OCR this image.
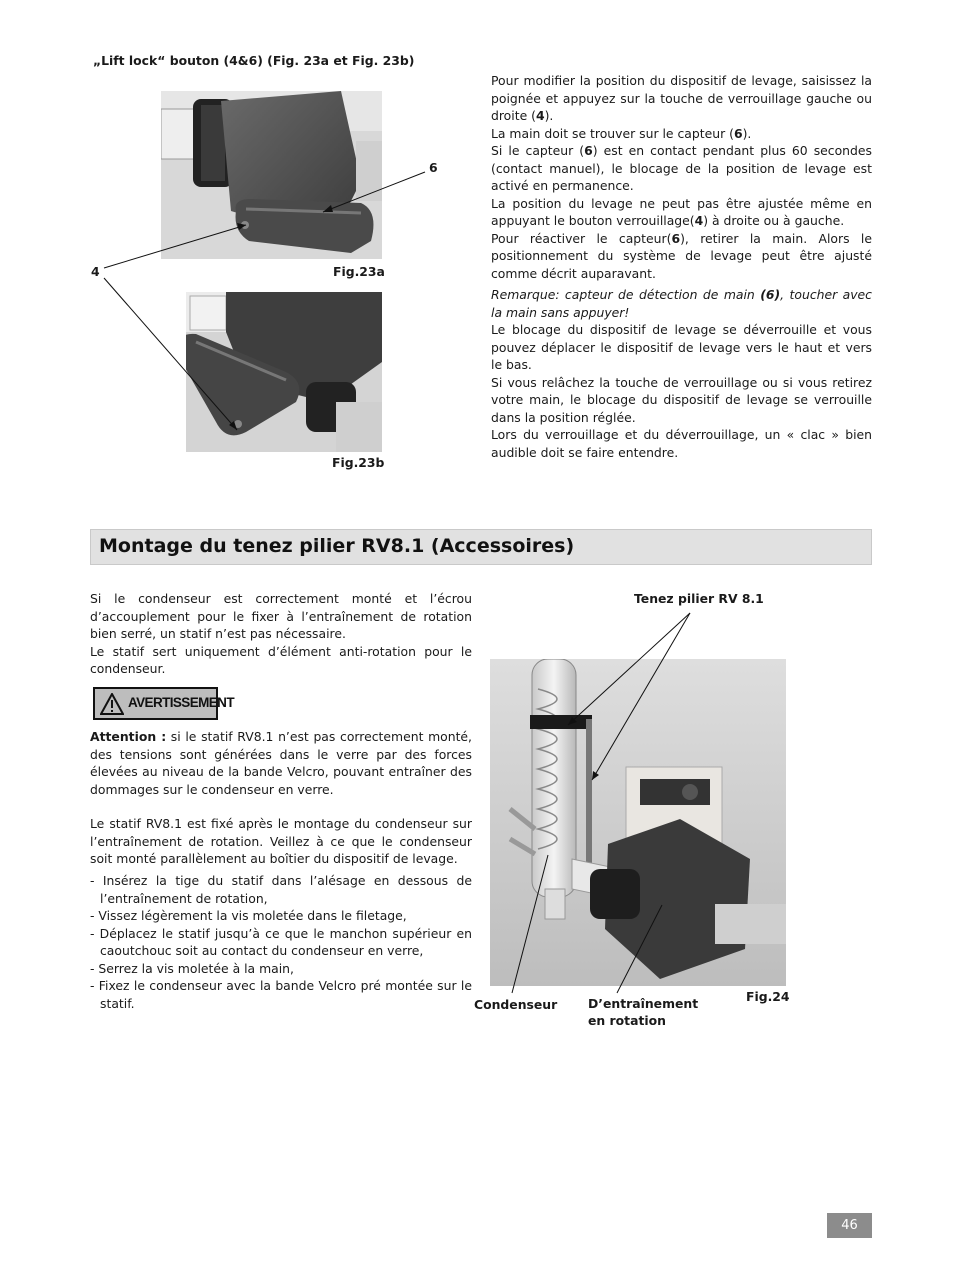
„Lift lock“ bouton (4&6) (Fig. 23a et Fig. 23b)
6
4	Fig.23a
Fig.23b

Pour modifier la position du dispositif de levage, saisissez la poignée et appuyez sur la touche de verrouillage gauche ou droite (4).

La main doit se trouver sur le capteur (6).

Si le capteur (6) est en contact pendant plus 60 secondes (contact manuel), le blocage de la position de levage est activé en permanence.

La position du levage ne peut pas être ajustée même en appuyant le bouton verrouillage(4) à droite ou à gauche.

Pour réactiver le capteur(6), retirer la main. Alors le positionnement du système de levage peut être ajusté comme décrit auparavant.

Remarque: capteur de détection de main (6), toucher avec la main sans appuyer!

Le blocage du dispositif de levage se déverrouille et vous pouvez déplacer le dispositif de levage vers le haut et vers le bas.

Si vous relâchez la touche de verrouillage ou si vous retirez votre main, le blocage du dispositif de levage se verrouille dans la position réglée.

Lors du verrouillage et du déverrouillage, un « clac » bien audible doit se faire entendre.

Montage du tenez pilier RV8.1 (Accessoires)

Si le condenseur est correctement monté et l’écrou d’accouplement pour le fixer à l’entraînement de rotation bien serré, un statif n’est pas nécessaire.

Le statif sert uniquement d’élément anti-rotation pour le condenseur.

AVERTISSEMENT

Attention : si le statif RV8.1 n’est pas correctement monté, des tensions sont générées dans le verre par des forces élevées au niveau de la bande Velcro, pouvant entraîner des dommages sur le condenseur en verre.

Le statif RV8.1 est fixé après le montage du condenseur sur l’entraînement de rotation. Veillez à ce que le condenseur soit monté parallèlement au boîtier du dispositif de levage.

- Insérez la tige du statif dans l’alésage en dessous de l’entraînement de rotation,
- Vissez légèrement la vis moletée dans le filetage,
- Déplacez le statif jusqu’à ce que le manchon supérieur en caoutchouc soit au contact du condenseur en verre,
- Serrez la vis moletée à la main,
- Fixez le condenseur avec la bande Velcro pré montée sur le statif.
Tenez pilier RV 8.1
Condenseur D’entraînement
en rotation
Fig.24
46
